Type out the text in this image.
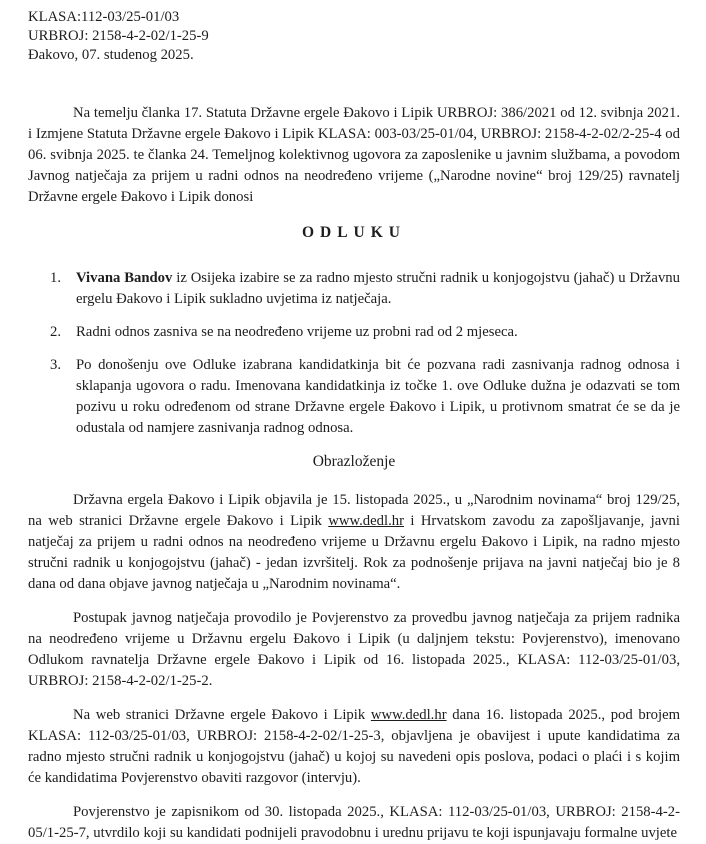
KLASA:112-03/25-01/03
URBROJ: 2158-4-2-02/1-25-9
Đakovo, 07. studenog 2025.

Na temelju članka 17. Statuta Državne ergele Đakovo i Lipik URBROJ: 386/2021 od 12. svibnja 2021. i Izmjene Statuta Državne ergele Đakovo i Lipik KLASA: 003-03/25-01/04, URBROJ: 2158-4-2-02/2-25-4 od 06. svibnja 2025. te članka 24. Temeljnog kolektivnog ugovora za zaposlenike u javnim službama, a povodom Javnog natječaja za prijem u radni odnos na neodređeno vrijeme („Narodne novine“ broj 129/25) ravnatelj Državne ergele Đakovo i Lipik donosi

ODLUKU
1.	Vivana Bandov iz Osijeka izabire se za radno mjesto stručni radnik u konjogojstvu (jahač) u Državnu ergelu Đakovo i Lipik sukladno uvjetima iz natječaja.
2.	Radni odnos zasniva se na neodređeno vrijeme uz probni rad od 2 mjeseca.
3.	Po donošenju ove Odluke izabrana kandidatkinja bit će pozvana radi zasnivanja radnog odnosa i sklapanja ugovora o radu. Imenovana kandidatkinja iz točke 1. ove Odluke dužna je odazvati se tom pozivu u roku određenom od strane Državne ergele Đakovo i Lipik, u protivnom smatrat će se da je odustala od namjere zasnivanja radnog odnosa.
Obrazloženje

Državna ergela Đakovo i Lipik objavila je 15. listopada 2025., u „Narodnim novinama“ broj 129/25, na web stranici Državne ergele Đakovo i Lipik www.dedl.hr i Hrvatskom zavodu za zapošljavanje, javni natječaj za prijem u radni odnos na neodređeno vrijeme u Državnu ergelu Đakovo i Lipik, na radno mjesto stručni radnik u konjogojstvu (jahač) - jedan izvršitelj. Rok za podnošenje prijava na javni natječaj bio je 8 dana od dana objave javnog natječaja u „Narodnim novinama“.

Postupak javnog natječaja provodilo je Povjerenstvo za provedbu javnog natječaja za prijem radnika na neodređeno vrijeme u Državnu ergelu Đakovo i Lipik (u daljnjem tekstu: Povjerenstvo), imenovano Odlukom ravnatelja Državne ergele Đakovo i Lipik od 16. listopada 2025., KLASA: 112-03/25-01/03, URBROJ: 2158-4-2-02/1-25-2.

Na web stranici Državne ergele Đakovo i Lipik www.dedl.hr dana 16. listopada 2025., pod brojem KLASA: 112-03/25-01/03, URBROJ: 2158-4-2-02/1-25-3, objavljena je obavijest i upute kandidatima za radno mjesto stručni radnik u konjogojstvu (jahač) u kojoj su navedeni opis poslova, podaci o plaći i s kojim će kandidatima Povjerenstvo obaviti razgovor (intervju).

Povjerenstvo je zapisnikom od 30. listopada 2025., KLASA: 112-03/25-01/03, URBROJ: 2158-4-2-05/1-25-7, utvrdilo koji su kandidati podnijeli pravodobnu i urednu prijavu te koji ispunjavaju formalne uvjete
